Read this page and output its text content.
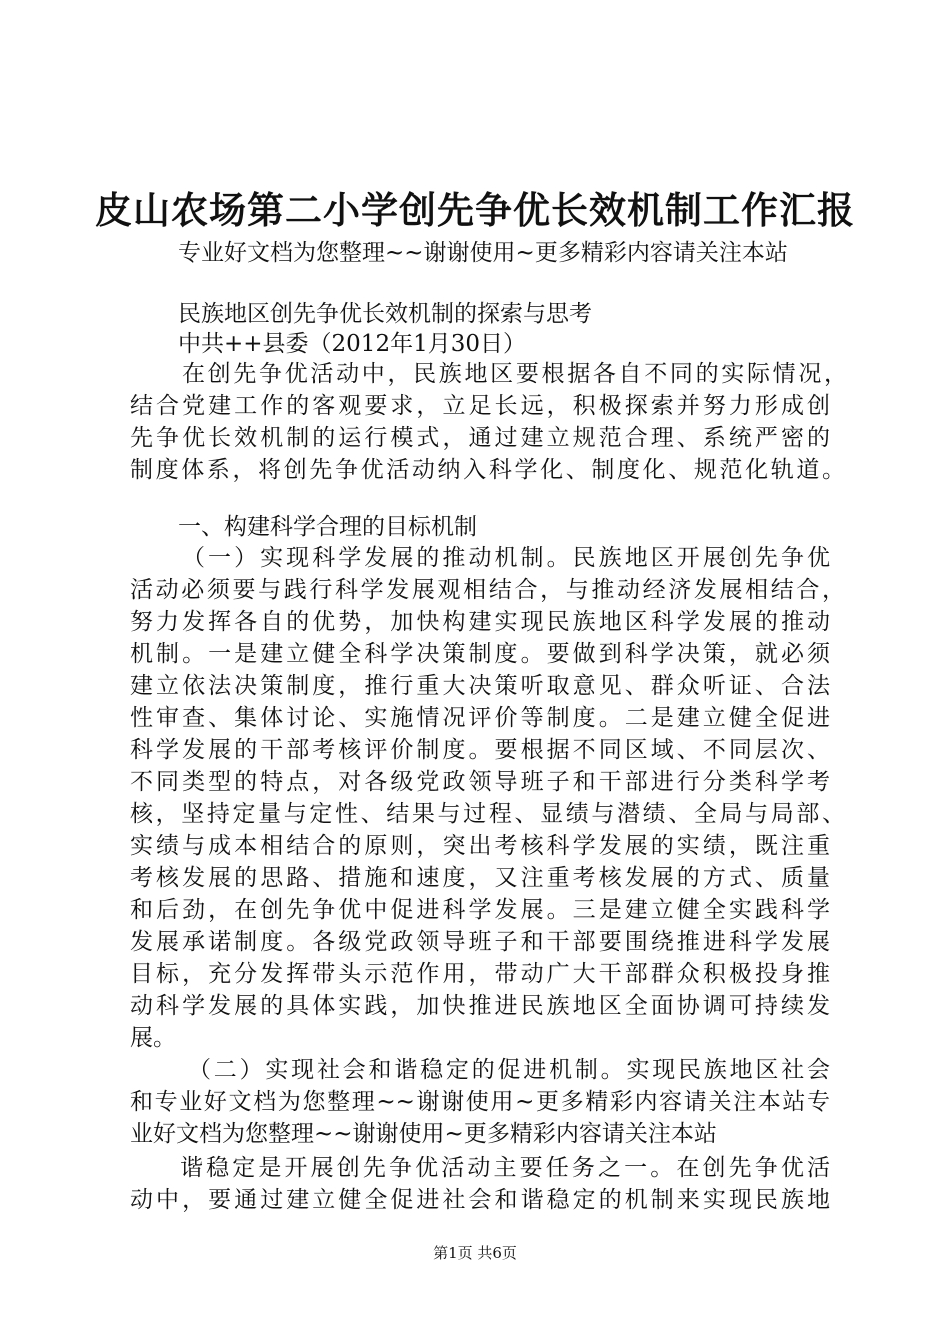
皮山农场第二小学创先争优长效机制工作汇报
专业好文档为您整理~~谢谢使用~更多精彩内容请关注本站
民族地区创先争优长效机制的探索与思考
中共++县委（2012年1月30日）
在创先争优活动中，民族地区要根据各自不同的实际情况，
结合党建工作的客观要求，立足长远，积极探索并努力形成创
先争优长效机制的运行模式，通过建立规范合理、系统严密的
制度体系，将创先争优活动纳入科学化、制度化、规范化轨道。
一、构建科学合理的目标机制
（一）实现科学发展的推动机制。民族地区开展创先争优
活动必须要与践行科学发展观相结合，与推动经济发展相结合，
努力发挥各自的优势，加快构建实现民族地区科学发展的推动
机制。一是建立健全科学决策制度。要做到科学决策，就必须
建立依法决策制度，推行重大决策听取意见、群众听证、合法
性审查、集体讨论、实施情况评价等制度。二是建立健全促进
科学发展的干部考核评价制度。要根据不同区域、不同层次、
不同类型的特点，对各级党政领导班子和干部进行分类科学考
核，坚持定量与定性、结果与过程、显绩与潜绩、全局与局部、
实绩与成本相结合的原则，突出考核科学发展的实绩，既注重
考核发展的思路、措施和速度，又注重考核发展的方式、质量
和后劲，在创先争优中促进科学发展。三是建立健全实践科学
发展承诺制度。各级党政领导班子和干部要围绕推进科学发展
目标，充分发挥带头示范作用，带动广大干部群众积极投身推
动科学发展的具体实践，加快推进民族地区全面协调可持续发
展。
（二）实现社会和谐稳定的促进机制。实现民族地区社会
和专业好文档为您整理~~谢谢使用~更多精彩内容请关注本站专
业好文档为您整理~~谢谢使用~更多精彩内容请关注本站
谐稳定是开展创先争优活动主要任务之一。在创先争优活
动中，要通过建立健全促进社会和谐稳定的机制来实现民族地
第1页 共6页
